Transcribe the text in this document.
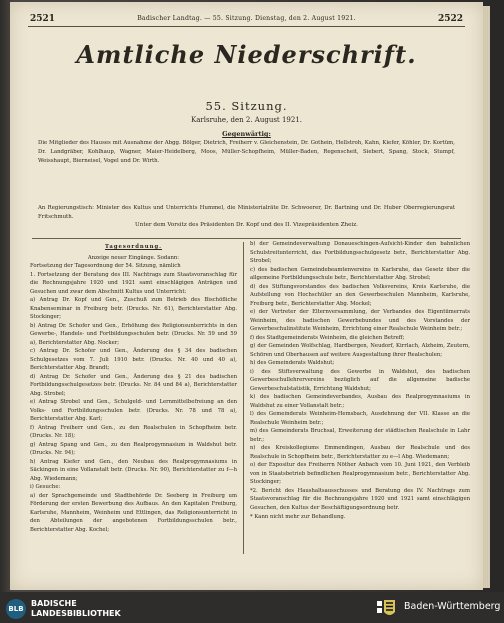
2521	Badischer Landtag. — 55. Sitzung. Dienstag, den 2. August 1921.	2522
Amtliche Niederschrift.
55. Sitzung.
Karlsruhe, den 2. August 1921.
Gegenwärtig:
Die Mitglieder des Hauses mit Ausnahme der Abgg. Bölger, Dietrich, Freiherr v. Gleichenstein, Dr. Gothein, Hellstroh, Kahn, Kiefer, Köhler, Dr. Kortüm, Dr. Landgräber, Kohlhaup, Wagner, Maier-Heidelberg, Moos, Müller-Schopfheim, Müller-Baden, Regenscheit, Siebert, Spang, Stock, Stumpf, Weisshaupt, Bierneisel, Vogel und Dr. Wirth.
An Regierungstisch: Minister des Kultus und Unterrichts Hummel, die Ministerialräte Dr. Schwoerer, Dr. Bartning und Dr. Huber Oberregierungsrat Fritschmuth.
Unter dem Vorsitz des Präsidenten Dr. Kopf und des II. Vizepräsidenten Zheiz.
Tagesordnung.
Anzeige neuer Eingänge. Sodann:

Fortsetzung der Tagesordnung der 54. Sitzung, nämlich

1. Fortsetzung der Beratung des III. Nachtrags zum Staatsvoranschlag für die Rechnungsjahre 1920 und 1921 samt einschlägigen Anträgen und Gesuchen und zwar dem Abschnitt Kultus und Unterricht:

a) Antrag Dr. Kopf und Gen., Zuschuß zum Betrieb des Bischöfliche Knabenseminar in Freiburg betr. (Drucks. Nr. 61), Berichterstatter Abg. Stockinger;

b) Antrag Dr. Schofer und Gen., Erhöhung des Religionsunterrichts in den Gewerbe-, Handels- und Fortbildungsschulen betr. (Drucks. Nr. 59 und 59 a), Berichterstatter Abg. Nocker;

c) Antrag Dr. Schofer und Gen., Änderung des § 34 des badischen Schulgesetzes vom 7. Juli 1910 betr. (Drucks. Nr. 40 und 40 a), Berichterstatter Abg. Brandt;

d) Antrag Dr. Schofer und Gen., Änderung des § 21 des badischen Fortbildungsschulgesetzes betr. (Drucks. Nr. 84 und 84 a), Berichterstatter Abg. Strobel;

e) Antrag Strobel und Gen., Schulgeld- und Lernmittelbefreiung an den Volks- und Fortbildungsschulen betr. (Drucks. Nr. 78 und 78 a), Berichterstatter Abg. Karl;

f) Antrag Freiherr und Gen., zu den Realschulen in Schopfheim betr. (Drucks. Nr. 18);

g) Antrag Spang und Gen., zu den Realprogymnasium in Waldshut betr. (Drucks. Nr. 94);

h) Antrag Kiefer und Gen., den Neubau des Realprogymnasiums in Säckingen in eine Vollanstalt betr. (Drucks. Nr. 90), Berichterstatter zu f—h Abg. Wiedemann;

i) Gesuche:

a) der Sprachgemeinde und Stadtbehörde Dr. Seeberg in Freiburg um Förderung der ersten Bewerbung des Aufbaus. An den Kapitalen Freiburg, Karlsruhe, Mannheim, Weinheim und Ettlingen, das Religionsunterricht in den Abteilungen der angebotenen Fortbildungsschulen betr., Berichterstatter Abg. Kochel;

b) der Gemeindeverwaltung Donaueschingen-Aufsicht-Kinder den bahnlichen Schulstreitunterricht, das Fortbildungsschulgesetz betr., Berichterstatter Abg. Strobel;

c) des badischen Gemeindebeamtenvereins in Karlsruhe, das Gesetz über die allgemeine Fortbildungsschule betr., Berichterstatter Abg. Strobel;

d) des Stiftungsvorstandes des badischen Volksvereins, Kreis Karlsruhe, die Aufstellung von Hochschüler an den Gewerbeschulen Mannheim, Karlsruhe, Freiburg betr., Berichterstatter Abg. Mockel;

e) der Vertreter der Elternversammlung, der Verbandes des Eigentümerrats Weinheim, des badischen Gewerbebundes und des Vorstandes der Gewerbeschulinstitute Weinheim, Errichtung einer Realschule Weinheim betr.;

f) des Stadtgemeinderats Weinheim, die gleichen Betreff;

g) der Gemeinden Wolfschlag, Hardbergen, Neudorf, Kirrlach, Alzheim, Zeutern, Schören und Oberhausen auf weitere Ausgestaltung ihrer Realschulen;

h) des Gemeinderats Waldshut;

i) des Stiftsverwaltung des Gewerbe in Waldshut, des badischen Gewerbeschullehrervereins bezüglich auf die allgemeine badische Gewerbeschulstatistik, Errichtung Waldshut;

k) des badischen Gemeindeverbandes, Ausbau des Realprogymnasiums in Waldshut zu einer Vollanstalt betr.;

l) des Gemeinderats Weinheim-Hemsbach, Ausdehnung der VII. Klasse an die Realschule Weinheim betr.;

m) des Gemeinderats Bruchsal, Erweiterung der städtischen Realschule in Lahr betr.;

n) des Kreiskollegiums Emmendingen, Ausbau der Realschule und des Realschule in Schopfheim betr., Berichterstatter zu e—l Abg. Wiedemann;

o) der Expositur des Freiherrn Nöther Anbach vom 10. Juni 1921, den Verbleib von in Staatsbetrieb befindlichen Realprogymnasium betr., Berichterstatter Abg. Stockinger;

*2. Bericht des Haushaltsausschusses und Beratung des IV. Nachtrags zum Staatsvoranschlag für die Rechnungsjahre 1920 und 1921 samt einschlägigen Gesuchen, den Kultus der Beschäftigungsordnung betr.

* Kann nicht mehr zur Behandlung.

BLB
BADISCHE
LANDESBIBLIOTHEK
Baden-Württemberg
